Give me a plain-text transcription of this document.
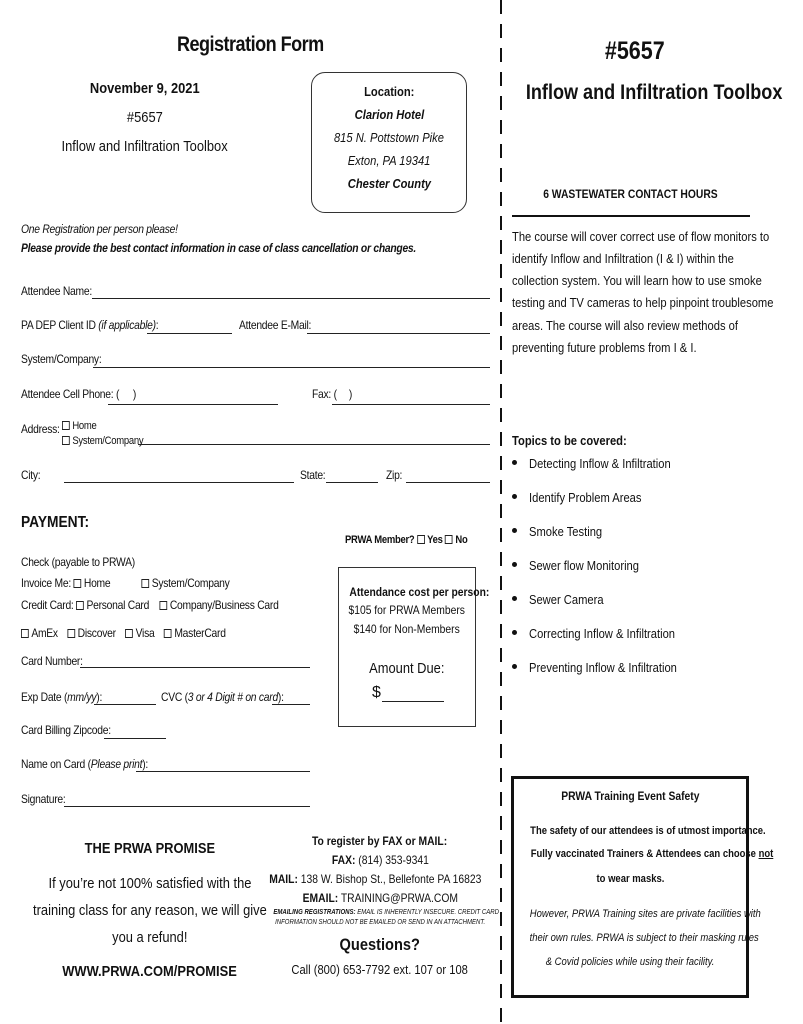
Registration Form
November 9, 2021
#5657
Inflow and Infiltration Toolbox
Location:
Clarion Hotel
815 N. Pottstown Pike
Exton, PA 19341
Chester County
One Registration per person please!
Please provide the best contact information in case of class cancellation or changes.
Attendee Name:
PA DEP Client ID (if applicable):	Attendee E-Mail:
System/Company:
Attendee Cell Phone: ( )	Fax: ( )
Address:	Home
System/Company
City:	State:	Zip:
PAYMENT:
PRWA Member? Yes No
Check (payable to PRWA)
Invoice Me: Home	System/Company
Credit Card: Personal Card Company/Business Card
AmEx Discover Visa MasterCard
Card Number:
Exp Date (mm/yy):	CVC (3 or 4 Digit # on card):
Card Billing Zipcode:
Name on Card (Please print):
Signature:
Attendance cost per person:
$105 for PRWA Members
$140 for Non-Members
Amount Due:
$
THE PRWA PROMISE
If you’re not 100% satisfied with the
training class for any reason, we will give
you a refund!
WWW.PRWA.COM/PROMISE
To register by FAX or MAIL:
FAX: (814) 353-9341
MAIL: 138 W. Bishop St., Bellefonte PA 16823
EMAIL: TRAINING@PRWA.COM
EMAILING REGISTRATIONS: EMAIL IS INHERENTLY INSECURE. CREDIT CARD
INFORMATION SHOULD NOT BE EMAILED OR SEND IN AN ATTACHMENT.
Questions?
Call (800) 653-7792 ext. 107 or 108
#5657
Inflow and Infiltration Toolbox
6 WASTEWATER CONTACT HOURS
The course will cover correct use of flow monitors to
identify Inflow and Infiltration (I & I) within the
collection system. You will learn how to use smoke
testing and TV cameras to help pinpoint troublesome
areas. The course will also review methods of
preventing future problems from I & I.
Topics to be covered:
Detecting Inflow & Infiltration
Identify Problem Areas
Smoke Testing
Sewer flow Monitoring
Sewer Camera
Correcting Inflow & Infiltration
Preventing Inflow & Infiltration
PRWA Training Event Safety
The safety of our attendees is of utmost importance.
Fully vaccinated Trainers & Attendees can choose not
to wear masks.
However, PRWA Training sites are private facilities with
their own rules. PRWA is subject to their masking rules
& Covid policies while using their facility.
